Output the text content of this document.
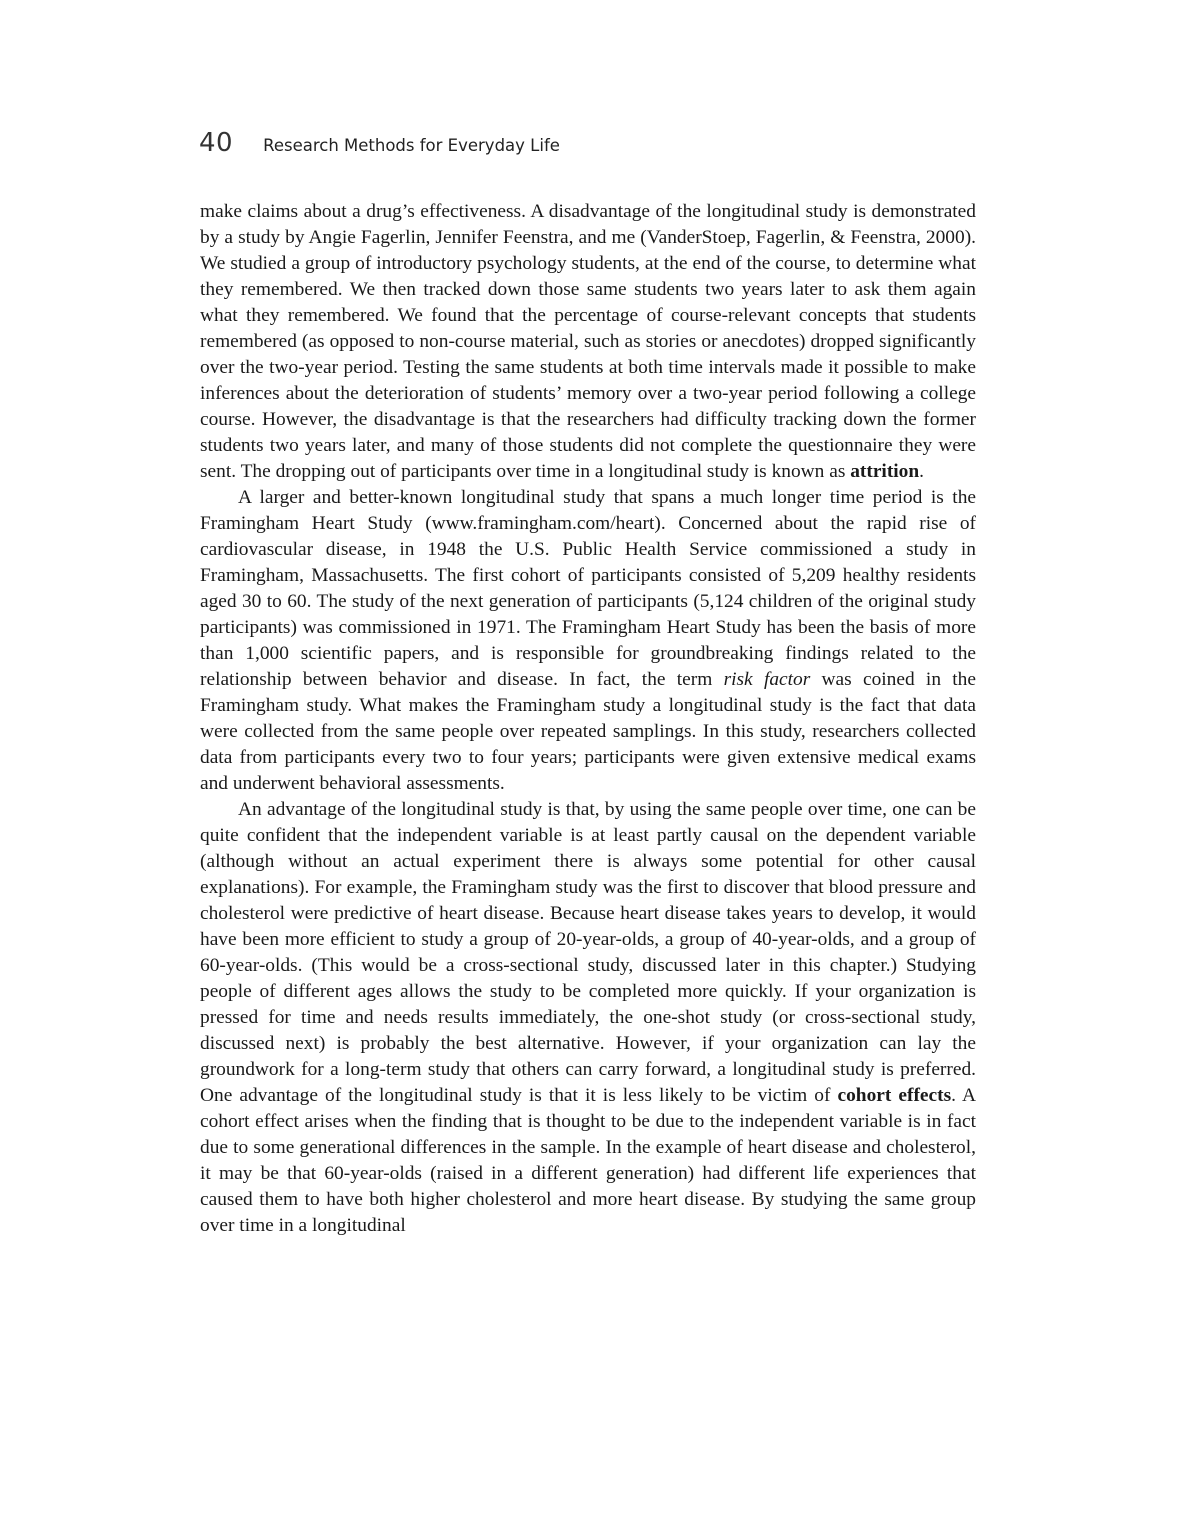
40 Research Methods for Everyday Life

make claims about a drug’s effectiveness. A disadvantage of the longitudinal study is demonstrated by a study by Angie Fagerlin, Jennifer Feenstra, and me (VanderStoep, Fagerlin, & Feenstra, 2000). We studied a group of introductory psychology students, at the end of the course, to determine what they remembered. We then tracked down those same students two years later to ask them again what they remembered. We found that the percentage of course-relevant concepts that students remembered (as opposed to non-course material, such as stories or anecdotes) dropped significantly over the two-year period. Testing the same students at both time intervals made it possible to make inferences about the deterioration of students’ memory over a two-year period following a college course. However, the disadvantage is that the researchers had difficulty tracking down the former students two years later, and many of those students did not complete the questionnaire they were sent. The dropping out of participants over time in a longitudinal study is known as attrition.

A larger and better-known longitudinal study that spans a much longer time period is the Framingham Heart Study (www.framingham.com/heart). Concerned about the rapid rise of cardiovascular disease, in 1948 the U.S. Public Health Service commissioned a study in Framingham, Massachusetts. The first cohort of participants consisted of 5,209 healthy residents aged 30 to 60. The study of the next generation of participants (5,124 children of the original study participants) was commissioned in 1971. The Framingham Heart Study has been the basis of more than 1,000 scientific papers, and is responsible for groundbreaking findings related to the relationship between behavior and disease. In fact, the term risk factor was coined in the Framingham study. What makes the Framingham study a longitudinal study is the fact that data were collected from the same people over repeated samplings. In this study, researchers collected data from participants every two to four years; participants were given extensive medical exams and underwent behavioral assessments.

An advantage of the longitudinal study is that, by using the same people over time, one can be quite confident that the independent variable is at least partly causal on the dependent variable (although without an actual experiment there is always some potential for other causal explanations). For example, the Framingham study was the first to discover that blood pressure and cholesterol were predictive of heart disease. Because heart disease takes years to develop, it would have been more efficient to study a group of 20-year-olds, a group of 40-year-olds, and a group of 60-year-olds. (This would be a cross-sectional study, discussed later in this chapter.) Studying people of different ages allows the study to be completed more quickly. If your organization is pressed for time and needs results immediately, the one-shot study (or cross-sectional study, discussed next) is probably the best alternative. However, if your organization can lay the groundwork for a long-term study that others can carry forward, a longitudinal study is preferred. One advantage of the longitudinal study is that it is less likely to be victim of cohort effects. A cohort effect arises when the finding that is thought to be due to the independent variable is in fact due to some generational differences in the sample. In the example of heart disease and cholesterol, it may be that 60-year-olds (raised in a different generation) had different life experiences that caused them to have both higher cholesterol and more heart disease. By studying the same group over time in a longitudinal
